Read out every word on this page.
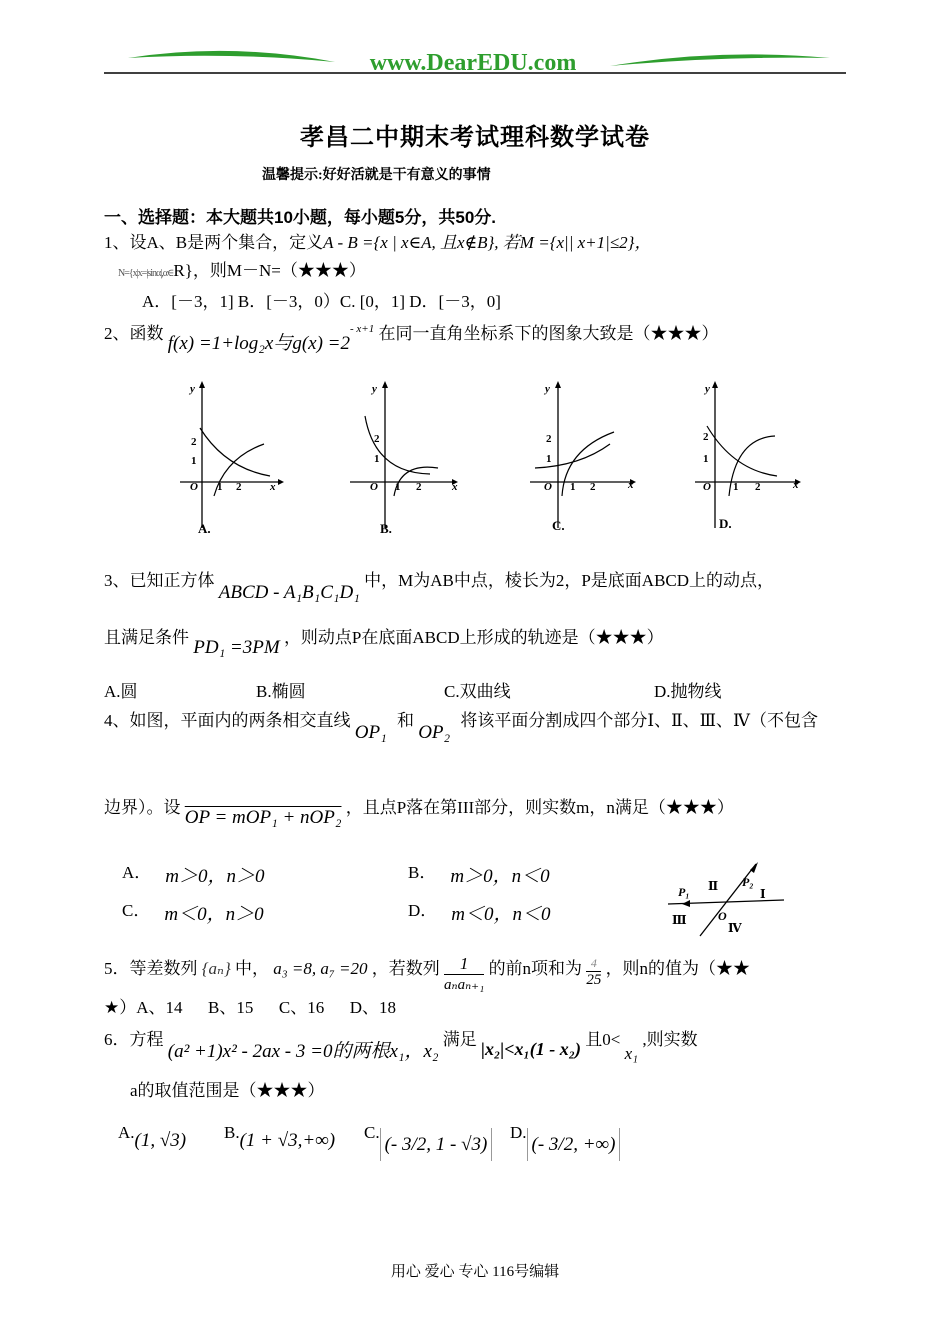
www.DearEDU.com
孝昌二中期末考试理科数学试卷
温馨提示:好好活就是干有意义的事情
一、选择题：本大题共10小题，每小题5分，共50分.
1、设A、B是两个集合，定义A - B ={x | x∈A, 且x∉B}, 若M ={x|| x+1|≤2}，
N={x|x=|sinα|,α∈R}，则M－N=（★★★）
A．[－3，1] B．[－3，0）C. [0，1] D．[－3，0]
2、函数 f(x) =1+log₂x与$g(x) =2^{- x+1}$ 在同一直角坐标系下的图象大致是（★★★）
y
x
O 1 2
2
1
A.
y
x
O 1 2
2
1
B.
y
x
O 1 2
2
1
C.
y
x
O 1 2
2
1
D.
3、已知正方体 ABCD - A₁B₁C₁D₁ 中，M为AB中点，棱长为2，P是底面ABCD上的动点，
且满足条件 PD₁ =3PM ，则动点P在底面ABCD上形成的轨迹是（★★★）
A.圆	B.椭圆	C.双曲线	D.抛物线
4、如图，平面内的两条相交直线 OP₁ 和 OP₂ 将该平面分割成四个部分Ⅰ、Ⅱ、Ⅲ、Ⅳ（不包含
边界）。设 OP = mOP₁ + nOP₂ ，且点P落在第III部分，则实数m，n满足（★★★）
A． m＞0，n＞0	B． m＞0，n＜0
C． m＜0，n＞0	D． m＜0，n＜0
P₁
P₂
Ⅰ
Ⅱ
Ⅲ
Ⅳ
O
5．等差数列 {aₙ} 中， a₃ =8, a₇ =20 ，若数列	1
aₙaₙ₊₁
的前n项和为 4
25
，则n的值为（★★
★）A、14 　 B、15 　 C、16 　 D、18
6．方程 (a² +1)x² - 2ax - 3 =0的两根x₁，x₂ 满足 |x₂|<x₁(1 - x₂) 且0< x₁ ,则实数
a的取值范围是（★★★）
A.(1, √3) B.(1 + √3,+∞) C.(- 3/2, 1 - √3)
D.(- 3/2, +∞)
用心 爱心 专心 116号编辑
